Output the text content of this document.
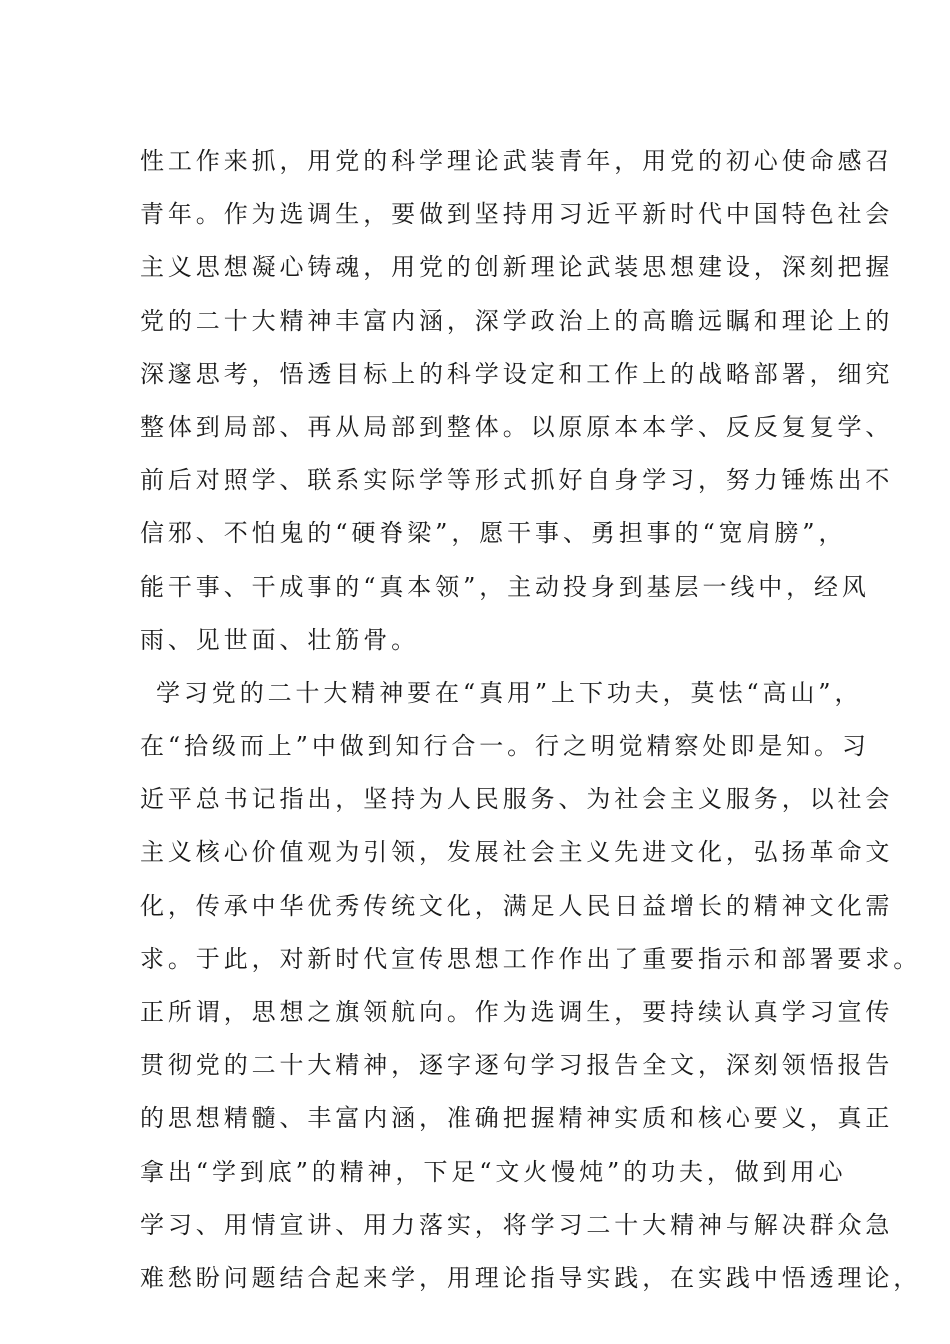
性工作来抓，用党的科学理论武装青年，用党的初心使命感召
青年。作为选调生，要做到坚持用习近平新时代中国特色社会
主义思想凝心铸魂，用党的创新理论武装思想建设，深刻把握
党的二十大精神丰富内涵，深学政治上的高瞻远瞩和理论上的
深邃思考，悟透目标上的科学设定和工作上的战略部署，细究
整体到局部、再从局部到整体。以原原本本学、反反复复学、
前后对照学、联系实际学等形式抓好自身学习，努力锤炼出不
信邪、不怕鬼的“硬脊梁”，愿干事、勇担事的“宽肩膀”，
能干事、干成事的“真本领”，主动投身到基层一线中，经风
雨、见世面、壮筋骨。
学习党的二十大精神要在“真用”上下功夫，莫怯“高山”，
在“拾级而上”中做到知行合一。行之明觉精察处即是知。习
近平总书记指出，坚持为人民服务、为社会主义服务，以社会
主义核心价值观为引领，发展社会主义先进文化，弘扬革命文
化，传承中华优秀传统文化，满足人民日益增长的精神文化需
求。于此，对新时代宣传思想工作作出了重要指示和部署要求。
正所谓，思想之旗领航向。作为选调生，要持续认真学习宣传
贯彻党的二十大精神，逐字逐句学习报告全文，深刻领悟报告
的思想精髓、丰富内涵，准确把握精神实质和核心要义，真正
拿出“学到底”的精神，下足“文火慢炖”的功夫，做到用心
学习、用情宣讲、用力落实，将学习二十大精神与解决群众急
难愁盼问题结合起来学，用理论指导实践，在实践中悟透理论，
